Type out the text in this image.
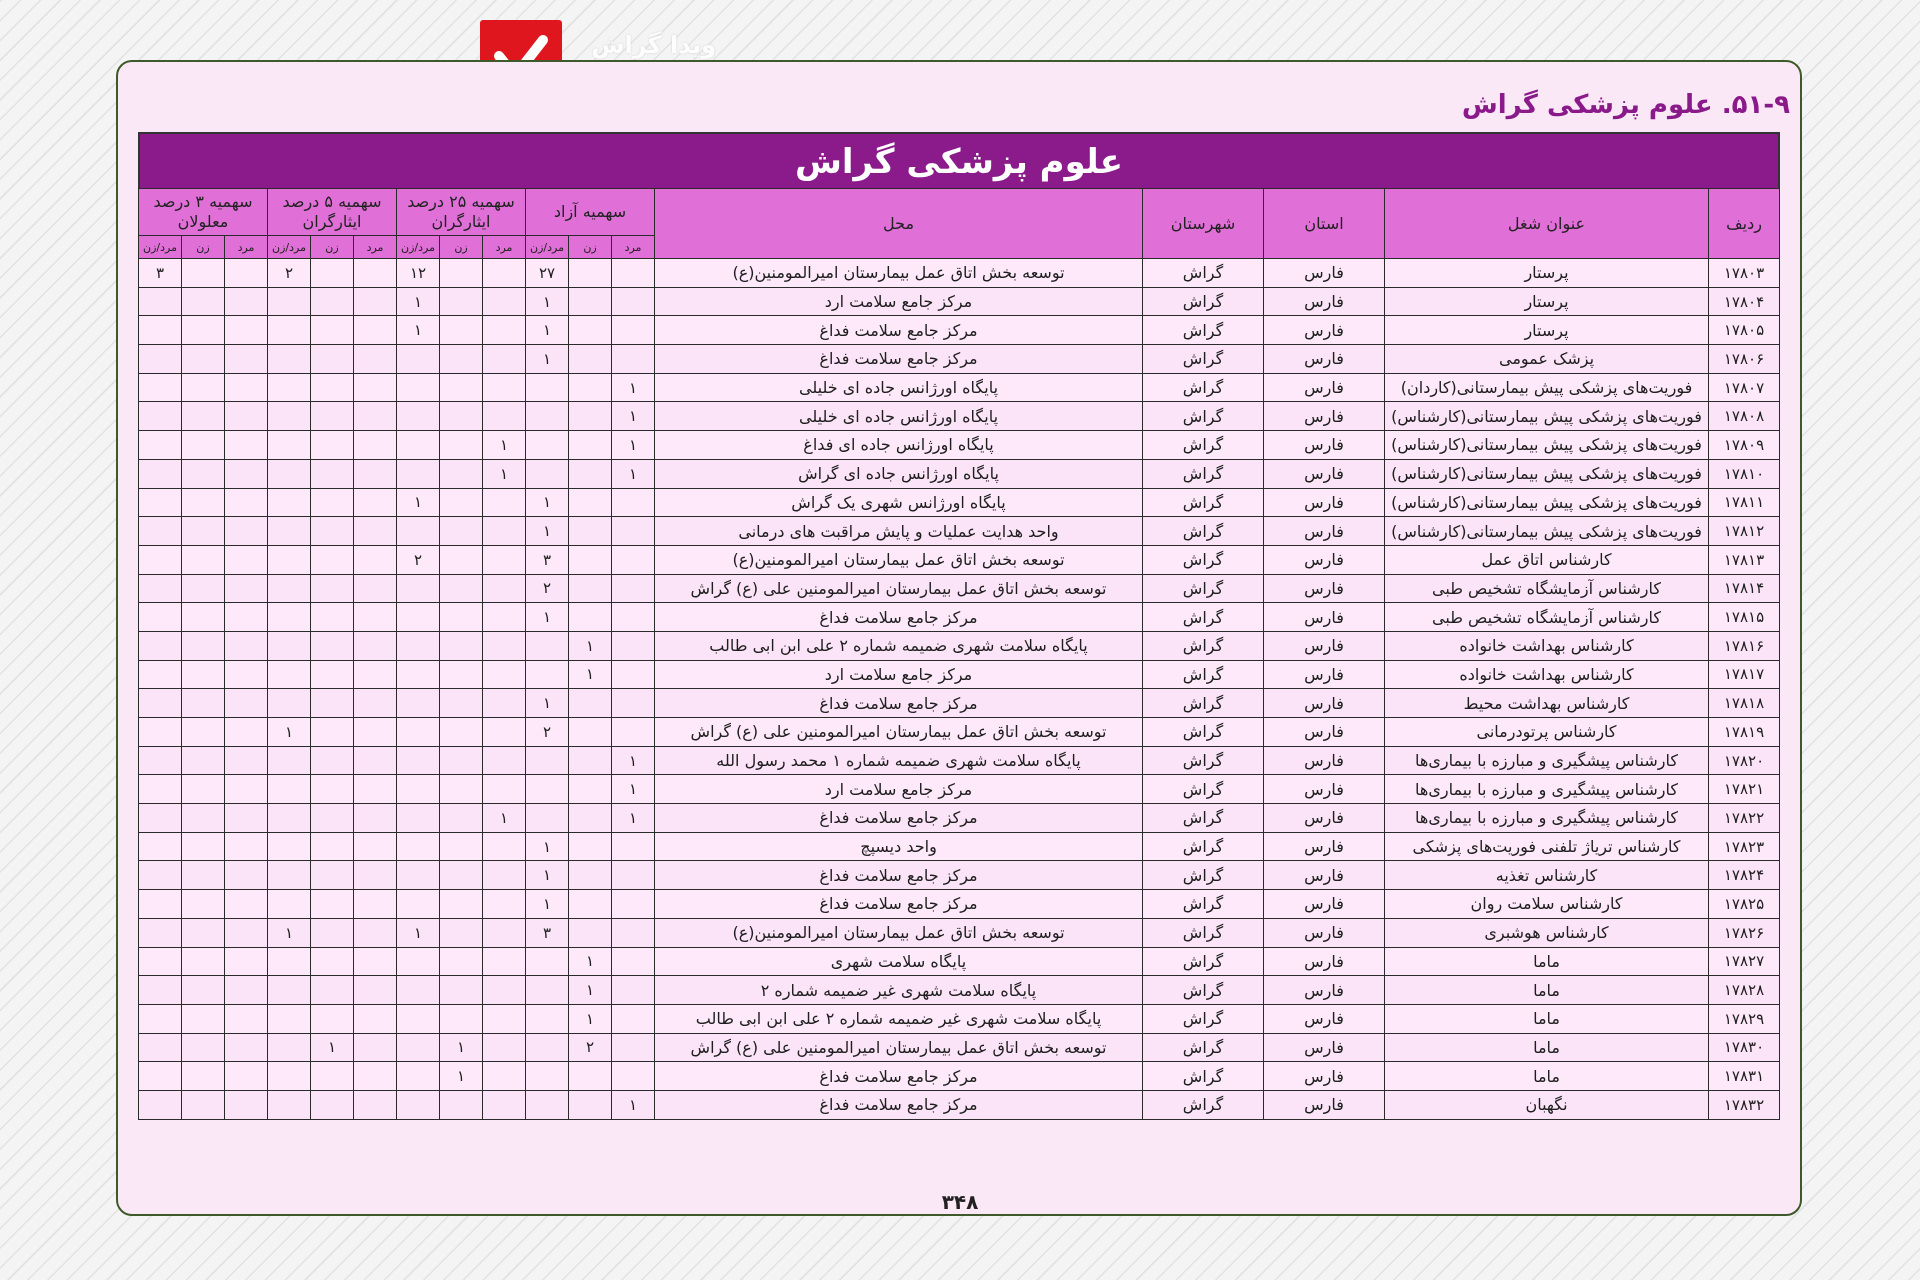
ویدا گراش
۵۱-۹. علوم پزشکی گراش
علوم پزشکی گراش
ردیف	عنوان شغل	استان	شهرستان	محل	سهمیه آزاد			سهمیه ۲۵ درصد ایثارگران			سهمیه ۵ درصد ایثارگران			سهمیه ۳ درصد معلولان		
					مرد	زن	مرد/زن	مرد	زن	مرد/زن	مرد	زن	مرد/زن	مرد	زن	مرد/زن
۱۷۸۰۳	پرستار	فارس	گراش	توسعه بخش اتاق عمل بیمارستان امیرالمومنین(ع)			۲۷			۱۲			۲			۳
۱۷۸۰۴	پرستار	فارس	گراش	مرکز جامع سلامت ارد			۱			۱						
۱۷۸۰۵	پرستار	فارس	گراش	مرکز جامع سلامت فداغ			۱			۱						
۱۷۸۰۶	پزشک عمومی	فارس	گراش	مرکز جامع سلامت فداغ			۱									
۱۷۸۰۷	فوریت‌های پزشکی پیش بیمارستانی(کاردان)	فارس	گراش	پایگاه اورژانس جاده ای خلیلی	۱											
۱۷۸۰۸	فوریت‌های پزشکی پیش بیمارستانی(کارشناس)	فارس	گراش	پایگاه اورژانس جاده ای خلیلی	۱											
۱۷۸۰۹	فوریت‌های پزشکی پیش بیمارستانی(کارشناس)	فارس	گراش	پایگاه اورژانس جاده ای فداغ	۱			۱								
۱۷۸۱۰	فوریت‌های پزشکی پیش بیمارستانی(کارشناس)	فارس	گراش	پایگاه اورژانس جاده ای گراش	۱			۱								
۱۷۸۱۱	فوریت‌های پزشکی پیش بیمارستانی(کارشناس)	فارس	گراش	پایگاه اورژانس شهری یک گراش			۱			۱						
۱۷۸۱۲	فوریت‌های پزشکی پیش بیمارستانی(کارشناس)	فارس	گراش	واحد هدایت عملیات و پایش مراقبت های درمانی			۱									
۱۷۸۱۳	کارشناس اتاق عمل	فارس	گراش	توسعه بخش اتاق عمل بیمارستان امیرالمومنین(ع)			۳			۲						
۱۷۸۱۴	کارشناس آزمایشگاه تشخیص طبی	فارس	گراش	توسعه بخش اتاق عمل بیمارستان امیرالمومنین علی (ع) گراش			۲									
۱۷۸۱۵	کارشناس آزمایشگاه تشخیص طبی	فارس	گراش	مرکز جامع سلامت فداغ			۱									
۱۷۸۱۶	کارشناس بهداشت خانواده	فارس	گراش	پایگاه سلامت شهری ضمیمه شماره ۲ علی ابن ابی طالب		۱										
۱۷۸۱۷	کارشناس بهداشت خانواده	فارس	گراش	مرکز جامع سلامت ارد		۱										
۱۷۸۱۸	کارشناس بهداشت محیط	فارس	گراش	مرکز جامع سلامت فداغ			۱									
۱۷۸۱۹	کارشناس پرتودرمانی	فارس	گراش	توسعه بخش اتاق عمل بیمارستان امیرالمومنین علی (ع) گراش			۲						۱			
۱۷۸۲۰	کارشناس پیشگیری و مبارزه با بیماری‌ها	فارس	گراش	پایگاه سلامت شهری ضمیمه شماره ۱ محمد رسول الله	۱											
۱۷۸۲۱	کارشناس پیشگیری و مبارزه با بیماری‌ها	فارس	گراش	مرکز جامع سلامت ارد	۱											
۱۷۸۲۲	کارشناس پیشگیری و مبارزه با بیماری‌ها	فارس	گراش	مرکز جامع سلامت فداغ	۱			۱								
۱۷۸۲۳	کارشناس تریاژ تلفنی فوریت‌های پزشکی	فارس	گراش	واحد دیسپچ			۱									
۱۷۸۲۴	کارشناس تغذیه	فارس	گراش	مرکز جامع سلامت فداغ			۱									
۱۷۸۲۵	کارشناس سلامت روان	فارس	گراش	مرکز جامع سلامت فداغ			۱									
۱۷۸۲۶	کارشناس هوشبری	فارس	گراش	توسعه بخش اتاق عمل بیمارستان امیرالمومنین(ع)			۳			۱			۱			
۱۷۸۲۷	ماما	فارس	گراش	پایگاه سلامت شهری		۱										
۱۷۸۲۸	ماما	فارس	گراش	پایگاه سلامت شهری غیر ضمیمه شماره ۲		۱										
۱۷۸۲۹	ماما	فارس	گراش	پایگاه سلامت شهری غیر ضمیمه شماره ۲ علی ابن ابی طالب		۱										
۱۷۸۳۰	ماما	فارس	گراش	توسعه بخش اتاق عمل بیمارستان امیرالمومنین علی (ع) گراش		۲			۱			۱				
۱۷۸۳۱	ماما	فارس	گراش	مرکز جامع سلامت فداغ					۱							
۱۷۸۳۲	نگهبان	فارس	گراش	مرکز جامع سلامت فداغ	۱											
۳۴۸
